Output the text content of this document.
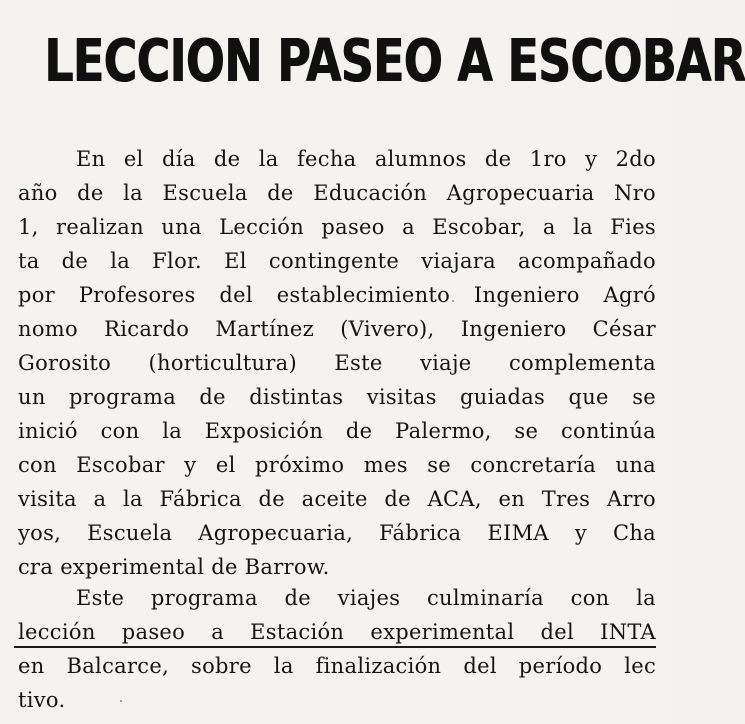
LECCION PASEO A ESCOBAR
En el día de la fecha alumnos de 1ro y 2do
año de la Escuela de Educación Agropecuaria Nro
1, realizan una Lección paseo a Escobar, a la Fies
ta de la Flor. El contingente viajara acompañado
por Profesores del establecimiento Ingeniero Agró
nomo Ricardo Martínez (Vivero), Ingeniero César
Gorosito (horticultura) Este viaje complementa
un programa de distintas visitas guiadas que se
inició con la Exposición de Palermo, se continúa
con Escobar y el próximo mes se concretaría una
visita a la Fábrica de aceite de ACA, en Tres Arro
yos, Escuela Agropecuaria, Fábrica EIMA y Cha
cra experimental de Barrow.
Este programa de viajes culminaría con la
lección paseo a Estación experimental del INTA
en Balcarce, sobre la finalización del período lec
tivo.
